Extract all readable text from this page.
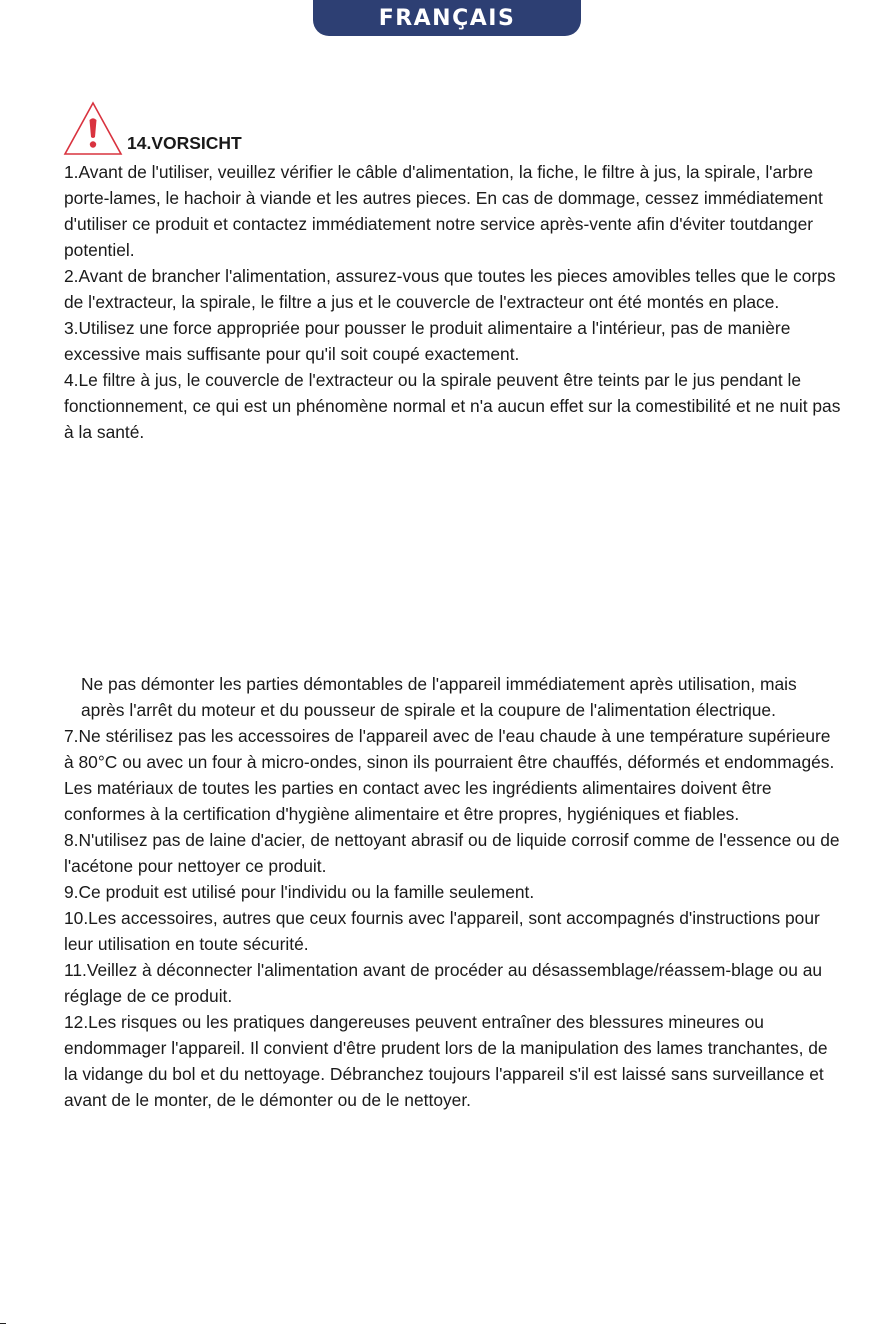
FRANÇAIS
14.VORSICHT

1.Avant de l'utiliser, veuillez vérifier le câble d'alimentation, la fiche, le filtre à jus, la spirale, l'arbre porte-lames, le hachoir à viande et les autres pieces. En cas de dommage, cessez immédiatement d'utiliser ce produit et contactez immédiatement notre service après-vente afin d'éviter toutdanger potentiel.

2.Avant de brancher l'alimentation, assurez-vous que toutes les pieces amovibles telles que le corps de l'extracteur, la spirale, le filtre a jus et le couvercle de l'extracteur ont été montés en place.

3.Utilisez une force appropriée pour pousser le produit alimentaire a l'intérieur, pas de manière excessive mais suffisante pour qu'il soit coupé exactement.

4.Le filtre à jus, le couvercle de l'extracteur ou la spirale peuvent être teints par le jus pendant le fonctionnement, ce qui est un phénomène normal et n'a aucun effet sur la comestibilité et ne nuit pas à la santé.

Ne pas démonter les parties démontables de l'appareil immédiatement après utilisation, mais après l'arrêt du moteur et du pousseur de spirale et la coupure de l'alimentation électrique.

7.Ne stérilisez pas les accessoires de l'appareil avec de l'eau chaude à une température supérieure à 80°C ou avec un four à micro-ondes, sinon ils pourraient être chauffés, déformés et endommagés. Les matériaux de toutes les parties en contact avec les ingrédients alimentaires doivent être conformes à la certification d'hygiène alimentaire et être propres, hygiéniques et fiables.

8.N'utilisez pas de laine d'acier, de nettoyant abrasif ou de liquide corrosif comme de l'essence ou de l'acétone pour nettoyer ce produit.

9.Ce produit est utilisé pour l'individu ou la famille seulement.

10.Les accessoires, autres que ceux fournis avec l'appareil, sont accompagnés d'instructions pour leur utilisation en toute sécurité.

11.Veillez à déconnecter l'alimentation avant de procéder au désassemblage/réassem-blage ou au réglage de ce produit.

12.Les risques ou les pratiques dangereuses peuvent entraîner des blessures mineures ou endommager l'appareil. Il convient d'être prudent lors de la manipulation des lames tranchantes, de la vidange du bol et du nettoyage. Débranchez toujours l'appareil s'il est laissé sans surveillance et avant de le monter, de le démonter ou de le nettoyer.
